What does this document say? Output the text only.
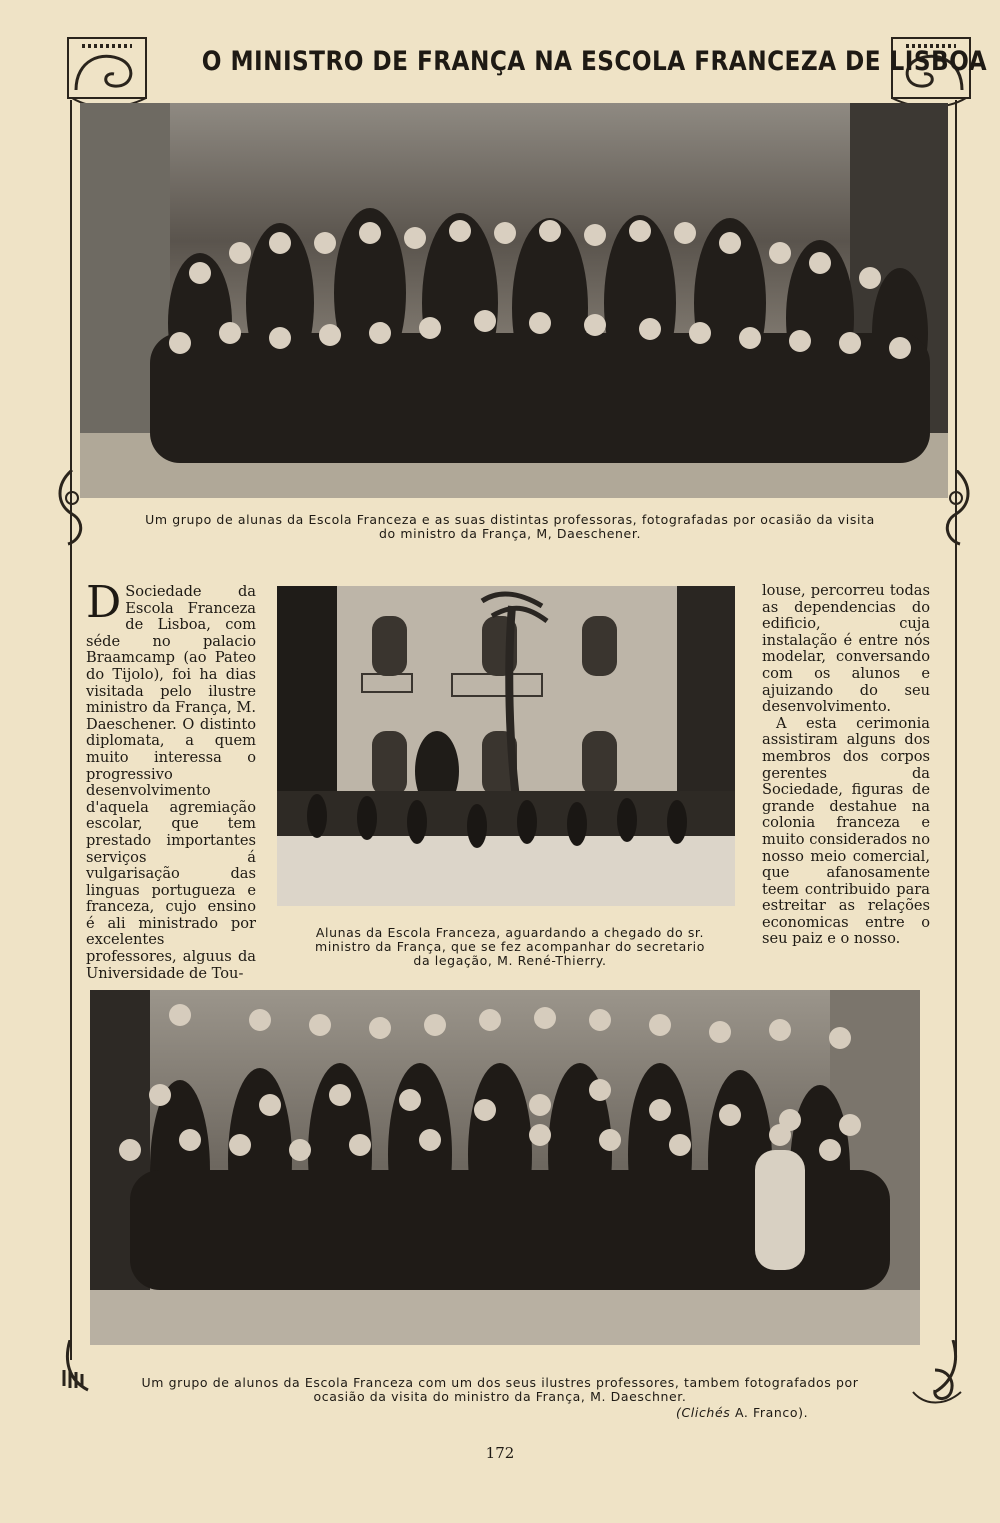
O MINISTRO DE FRANÇA NA ESCOLA FRANCEZA DE LISBOA
Um grupo de alunas da Escola Franceza e as suas distintas professoras, fotografadas por ocasião da visita
do ministro da França, M, Daeschener.

D Sociedade da Escola Franceza de Lisboa, com séde no palacio Braamcamp (ao Pateo do Tijolo), foi ha dias visitada pelo ilustre ministro da França, M. Daeschener. O distinto diplomata, a quem muito interessa o progressivo desenvolvimento d'aquela agremiação escolar, que tem prestado importantes serviços á vulgarisação das linguas portugueza e franceza, cujo ensino é ali ministrado por excelentes professores, alguus da Universidade de Tou-

Alunas da Escola Franceza, aguardando a chegado do sr.
ministro da França, que se fez acompanhar do secretario
da legação, M. René-Thierry.

louse, percorreu todas as dependencias do edificio, cuja instalação é entre nós modelar, conversando com os alunos e ajuizando do seu desenvolvimento.

A esta cerimonia assistiram alguns dos membros dos corpos gerentes da Sociedade, figuras de grande destahue na colonia franceza e muito considerados no nosso meio comercial, que afanosamente teem contribuido para estreitar as relações economicas entre o seu paiz e o nosso.

Um grupo de alunos da Escola Franceza com um dos seus ilustres professores, tambem fotografados por
ocasião da visita do ministro da França, M. Daeschner.
(Clichés A. Franco).
172
